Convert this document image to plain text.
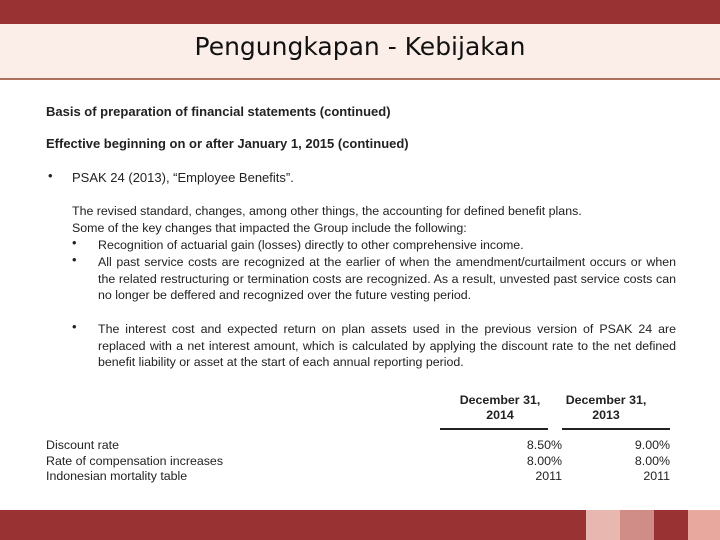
Pengungkapan - Kebijakan
Basis of preparation of financial statements (continued)
Effective beginning on or after January 1, 2015 (continued)
• PSAK 24 (2013), “Employee Benefits”.
The revised standard, changes, among other things, the accounting for defined benefit plans.
Some of the key changes that impacted the Group include the following:
• Recognition of actuarial gain (losses) directly to other comprehensive income.
• All past service costs are recognized at the earlier of when the amendment/curtailment occurs or when the related restructuring or termination costs are recognized. As a result, unvested past service costs can no longer be deffered and recognized over the future vesting period.
• The interest cost and expected return on plan assets used in the previous version of PSAK 24 are replaced with a net interest amount, which is calculated by applying the discount rate to the net defined benefit liability or asset at the start of each annual reporting period.
December 31,
2014
December 31,
2013
Discount rate	8.50%	9.00%
Rate of compensation increases	8.00%	8.00%
Indonesian mortality table	2011	2011
